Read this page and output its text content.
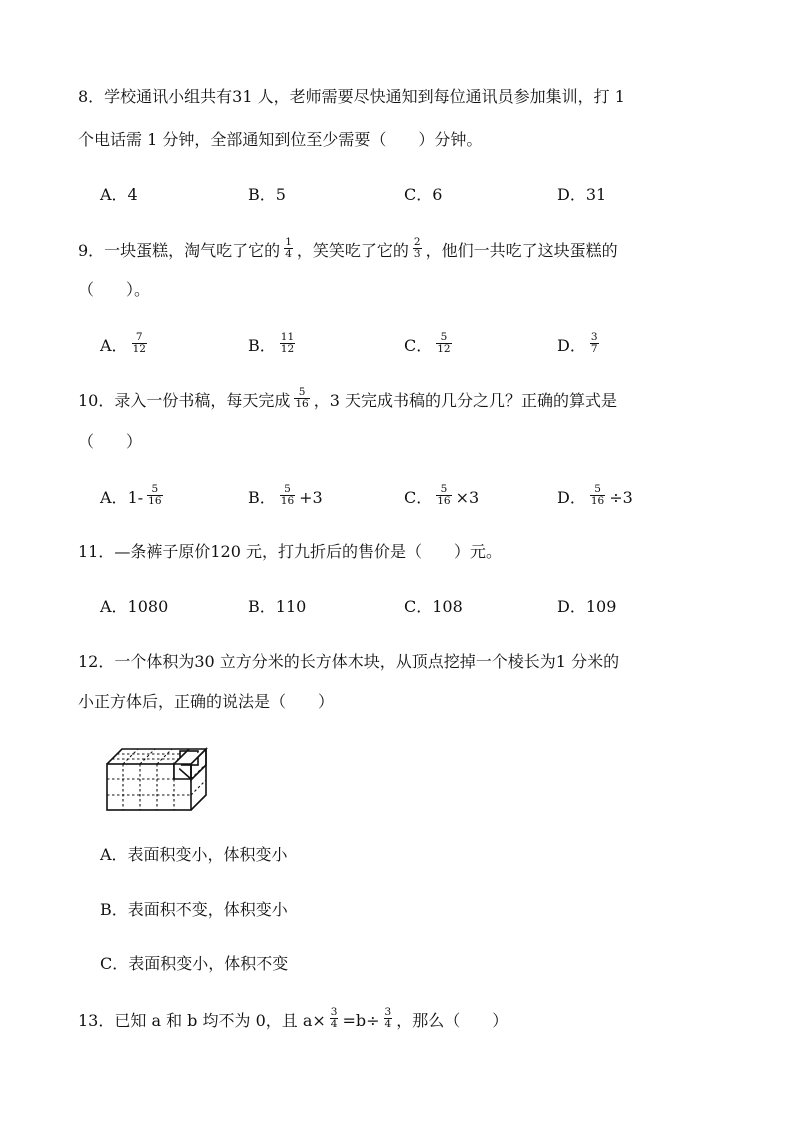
8．学校通讯小组共有31 人，老师需要尽快通知到每位通讯员参加集训，打 1
个电话需 1 分钟，全部通知到位至少需要（　　）分钟。
A．4	B．5	C．6	D．31
9．一块蛋糕，淘气吃了它的 $\frac{1}{4}$ ，笑笑吃了它的 $\frac{2}{3}$ ，他们一共吃了这块蛋糕的
（　　）。
A． $\frac{7}{12}$	B． $\frac{11}{12}$	C． $\frac{5}{12}$	D． $\frac{3}{7}$
10．录入一份书稿，每天完成 $\frac{5}{16}$ ，3 天完成书稿的几分之几？正确的算式是
（　　）
A．$1- \frac{5}{16}$	B． $\frac{5}{16} +3$	C． $\frac{5}{16} \times 3$	D． $\frac{5}{16} \div 3$
11．—条裤子原价120 元，打九折后的售价是（　　）元。
A．1080	B．110	C．108	D．109
12．一个体积为30 立方分米的长方体木块，从顶点挖掉一个棱长为1 分米的
小正方体后，正确的说法是（　　）
A．表面积变小，体积变小
B．表面积不变，体积变小
C．表面积变小，体积不变
13．已知 a 和 b 均不为 0，且 $a\times \frac{3}{4} =b\div \frac{3}{4}$ ，那么（　　）
